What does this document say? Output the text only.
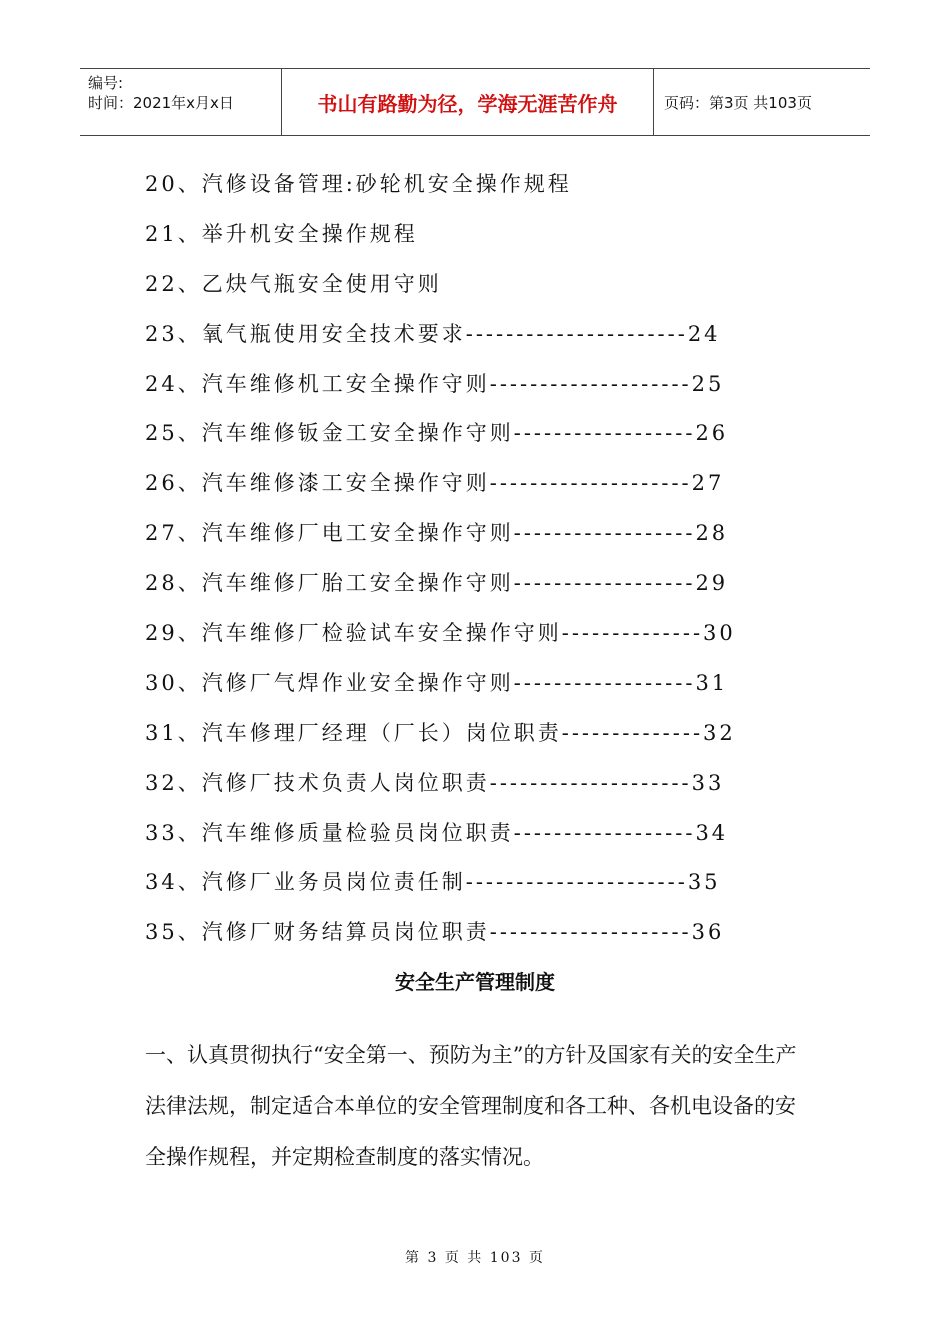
编号:
时间：2021年x月x日	书山有路勤为径，学海无涯苦作舟	页码：第3页 共103页
20、汽修设备管理:砂轮机安全操作规程
21、举升机安全操作规程
22、乙炔气瓶安全使用守则
23、氧气瓶使用安全技术要求----------------------24
24、汽车维修机工安全操作守则--------------------25
25、汽车维修钣金工安全操作守则------------------26
26、汽车维修漆工安全操作守则--------------------27
27、汽车维修厂电工安全操作守则------------------28
28、汽车维修厂胎工安全操作守则------------------29
29、汽车维修厂检验试车安全操作守则--------------30
30、汽修厂气焊作业安全操作守则------------------31
31、汽车修理厂经理（厂长）岗位职责--------------32
32、汽修厂技术负责人岗位职责--------------------33
33、汽车维修质量检验员岗位职责------------------34
34、汽修厂业务员岗位责任制----------------------35
35、汽修厂财务结算员岗位职责--------------------36
安全生产管理制度

一、认真贯彻执行“安全第一、预防为主”的方针及国家有关的安全生产法律法规，制定适合本单位的安全管理制度和各工种、各机电设备的安全操作规程，并定期检查制度的落实情况。

第 3 页 共 103 页
